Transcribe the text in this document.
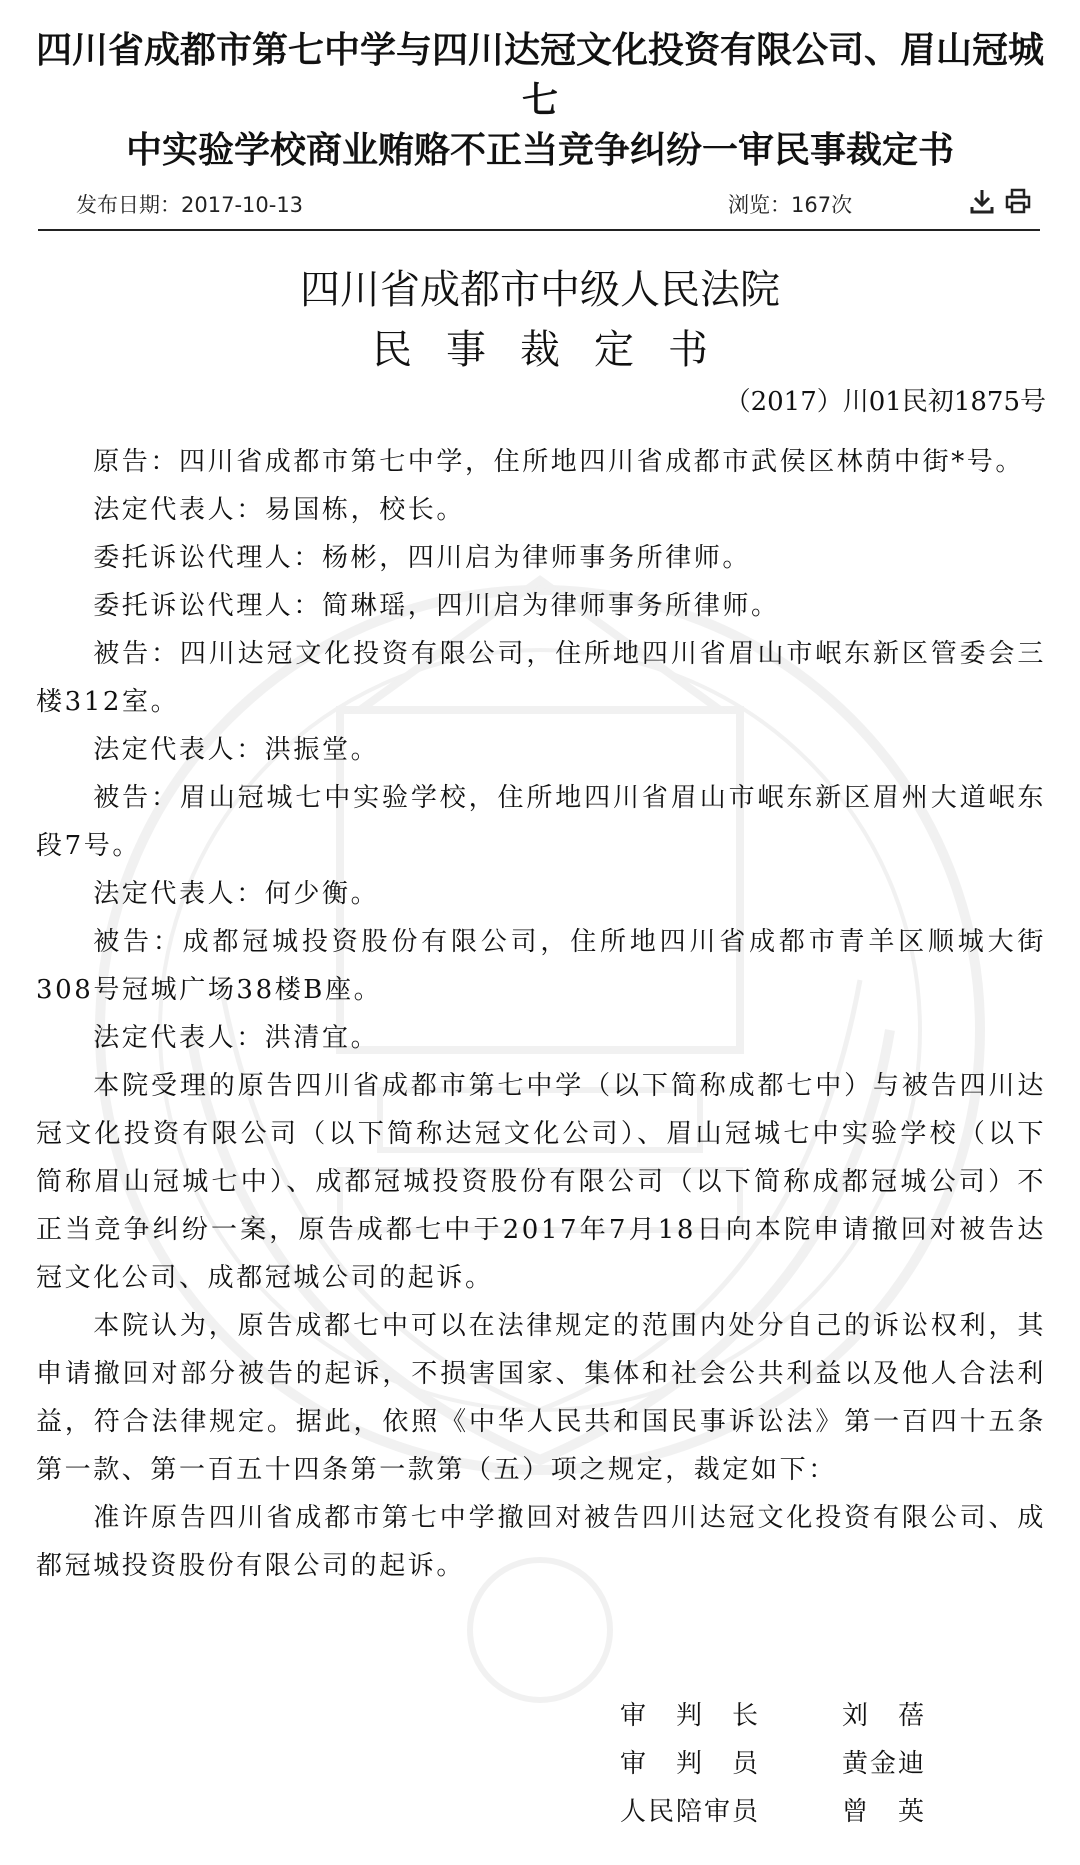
四川省成都市第七中学与四川达冠文化投资有限公司、眉山冠城七
中实验学校商业贿赂不正当竞争纠纷一审民事裁定书
发布日期：2017-10-13	浏览：167次
四川省成都市中级人民法院
民事裁定书
（2017）川01民初1875号

原告：四川省成都市第七中学，住所地四川省成都市武侯区林荫中街*号。

法定代表人：易国栋，校长。

委托诉讼代理人：杨彬，四川启为律师事务所律师。

委托诉讼代理人：简琳瑶，四川启为律师事务所律师。

被告：四川达冠文化投资有限公司，住所地四川省眉山市岷东新区管委会三楼312室。

法定代表人：洪振堂。

被告：眉山冠城七中实验学校，住所地四川省眉山市岷东新区眉州大道岷东段7号。

法定代表人：何少衡。

被告：成都冠城投资股份有限公司，住所地四川省成都市青羊区顺城大街308号冠城广场38楼B座。

法定代表人：洪清宜。

本院受理的原告四川省成都市第七中学（以下简称成都七中）与被告四川达冠文化投资有限公司（以下简称达冠文化公司）、眉山冠城七中实验学校（以下简称眉山冠城七中）、成都冠城投资股份有限公司（以下简称成都冠城公司）不正当竞争纠纷一案，原告成都七中于2017年7月18日向本院申请撤回对被告达冠文化公司、成都冠城公司的起诉。

本院认为，原告成都七中可以在法律规定的范围内处分自己的诉讼权利，其申请撤回对部分被告的起诉，不损害国家、集体和社会公共利益以及他人合法利益，符合法律规定。据此，依照《中华人民共和国民事诉讼法》第一百四十五条第一款、第一百五十四条第一款第（五）项之规定，裁定如下：

准许原告四川省成都市第七中学撤回对被告四川达冠文化投资有限公司、成都冠城投资股份有限公司的起诉。

审　判　长	刘　蓓
审　判　员	黄金迪
人民陪审员	曾　英
